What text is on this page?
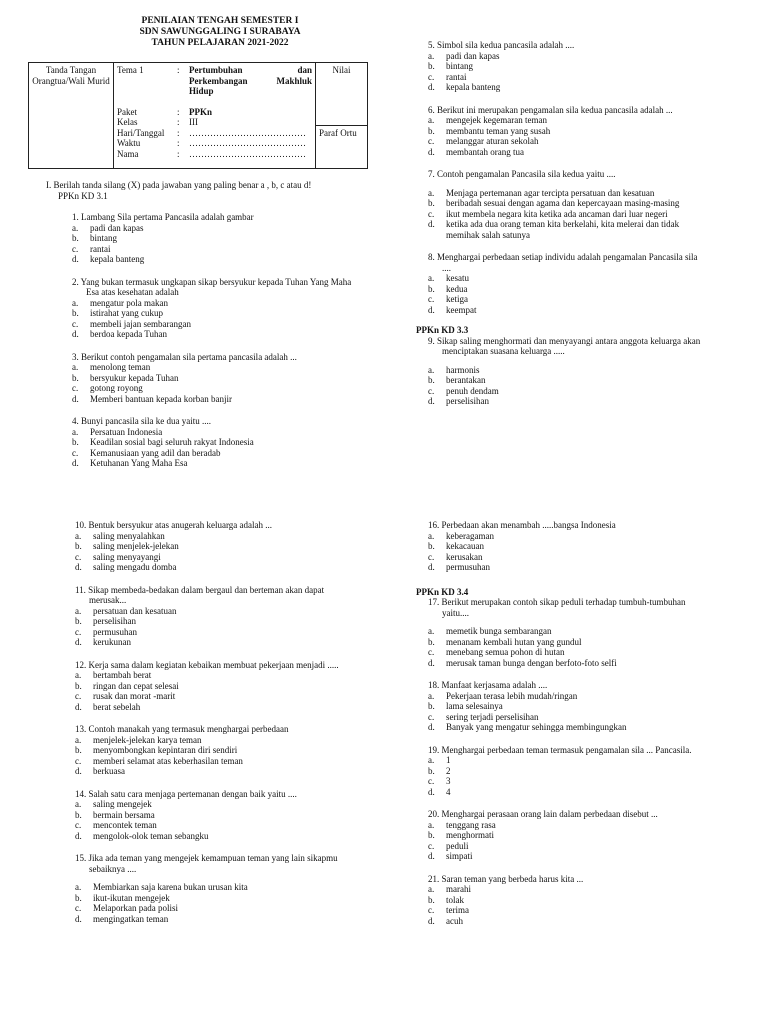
PENILAIAN TENGAH SEMESTER I
SDN SAWUNGGALING I SURABAYA
TAHUN PELAJARAN 2021-2022
Tanda Tangan Orangtua/Wali Murid	
Tema 1	:	Pertumbuhan dan Perkembangan Makhluk Hidup
Paket	:	PPKn
Kelas	:	III
Hari/Tanggal	:	…………………………………
Waktu	:	…………………………………
Nama	:	…………………………………
	Nilai
Paraf Ortu
I. Berilah tanda silang (X) pada jawaban yang paling benar a , b, c atau d!
PPKn KD 3.1
1. Lambang Sila pertama Pancasila adalah gambar
a.	padi dan kapas
b.	bintang
c.	rantai
d.	kepala banteng
2. Yang bukan termasuk ungkapan sikap bersyukur kepada Tuhan Yang Maha Esa atas kesehatan adalah
a.	mengatur pola makan
b.	istirahat yang cukup
c.	membeli jajan sembarangan
d.	berdoa kepada Tuhan
3. Berikut contoh pengamalan sila pertama pancasila adalah ...
a.	menolong teman
b.	bersyukur kepada Tuhan
c.	gotong royong
d.	Memberi bantuan kepada korban banjir
4. Bunyi pancasila sila ke dua yaitu ....
a.	Persatuan Indonesia
b.	Keadilan sosial bagi seluruh rakyat Indonesia
c.	Kemanusiaan yang adil dan beradab
d.	Ketuhanan Yang Maha Esa
5. Simbol sila kedua pancasila adalah ....
a.	padi dan kapas
b.	bintang
c.	rantai
d.	kepala banteng
6. Berikut ini merupakan pengamalan sila kedua pancasila adalah ...
a.	mengejek kegemaran teman
b.	membantu teman yang susah
c.	melanggar aturan sekolah
d.	membantah orang tua
7. Contoh pengamalan Pancasila sila kedua yaitu ....
a.	Menjaga pertemanan agar tercipta persatuan dan kesatuan
b.	beribadah sesuai dengan agama dan kepercayaan masing-masing
c.	ikut membela negara kita ketika ada ancaman dari luar negeri
d.	ketika ada dua orang teman kita berkelahi, kita melerai dan tidak memihak salah satunya
8. Menghargai perbedaan setiap individu adalah pengamalan Pancasila sila ....
a.	kesatu
b.	kedua
c.	ketiga
d.	keempat
PPKn KD 3.3
9. Sikap saling menghormati dan menyayangi antara anggota keluarga akan menciptakan suasana keluarga .....
a.	harmonis
b.	berantakan
c.	penuh dendam
d.	perselisihan
10. Bentuk bersyukur atas anugerah keluarga adalah ...
a.	saling menyalahkan
b.	saling menjelek-jelekan
c.	saling menyayangi
d.	saling mengadu domba
11. Sikap membeda-bedakan dalam bergaul dan berteman akan dapat merusak...
a.	persatuan dan kesatuan
b.	perselisihan
c.	permusuhan
d.	kerukunan
12. Kerja sama dalam kegiatan kebaikan membuat pekerjaan menjadi .....
a.	bertambah berat
b.	ringan dan cepat selesai
c.	rusak dan morat -marit
d.	berat sebelah
13. Contoh manakah yang termasuk menghargai perbedaan
a.	menjelek-jelekan karya teman
b.	menyombongkan kepintaran diri sendiri
c.	memberi selamat atas keberhasilan teman
d.	berkuasa
14. Salah satu cara menjaga pertemanan dengan baik yaitu ....
a.	saling mengejek
b.	bermain bersama
c.	mencontek teman
d.	mengolok-olok teman sebangku
15. Jika ada teman yang mengejek kemampuan teman yang lain sikapmu sebaiknya ....
a.	Membiarkan saja karena bukan urusan kita
b.	ikut-ikutan mengejek
c.	Melaporkan pada polisi
d.	mengingatkan teman
16. Perbedaan akan menambah .....bangsa Indonesia
a.	keberagaman
b.	kekacauan
c.	kerusakan
d.	permusuhan
PPKn KD 3.4
17. Berikut merupakan contoh sikap peduli terhadap tumbuh-tumbuhan yaitu....
a.	memetik bunga sembarangan
b.	menanam kembali hutan yang gundul
c.	menebang semua pohon di hutan
d.	merusak taman bunga dengan berfoto-foto selfi
18. Manfaat kerjasama adalah ....
a.	Pekerjaan terasa lebih mudah/ringan
b.	lama selesainya
c.	sering terjadi perselisihan
d.	Banyak yang mengatur sehingga membingungkan
19. Menghargai perbedaan teman termasuk pengamalan sila ... Pancasila.
a.	1
b.	2
c.	3
d.	4
20. Menghargai perasaan orang lain dalam perbedaan disebut ...
a.	tenggang rasa
b.	menghormati
c.	peduli
d.	simpati
21. Saran teman yang berbeda harus kita ...
a.	marahi
b.	tolak
c.	terima
d.	acuh
